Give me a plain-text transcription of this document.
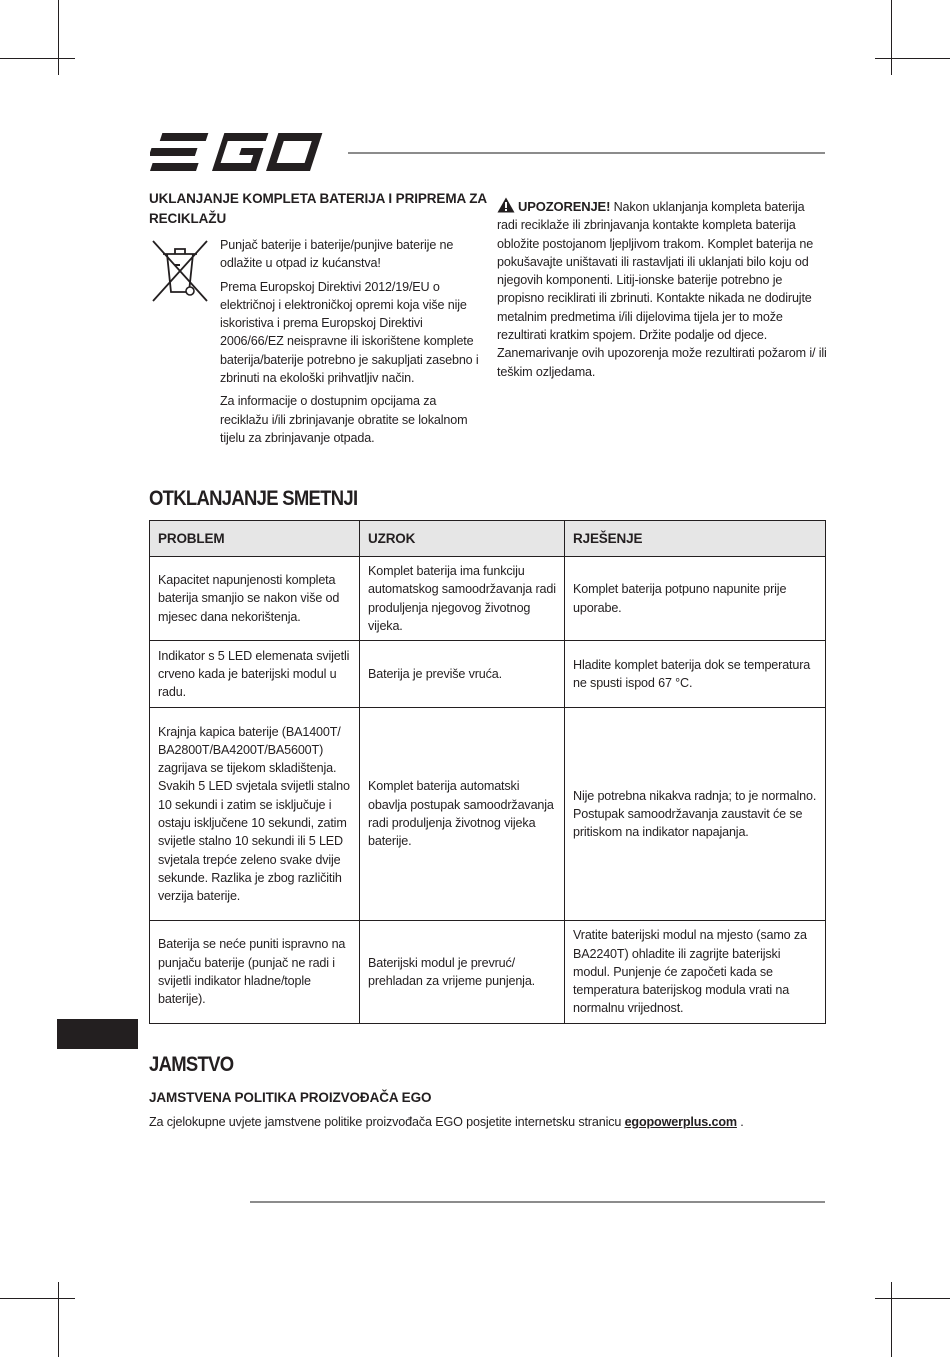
UKLANJANJE KOMPLETA BATERIJA I PRIPREMA ZA RECIKLAŽU

Punjač baterije i baterije/punjive baterije ne odlažite u otpad iz kućanstva!

Prema Europskoj Direktivi 2012/19/EU o električnoj i elektroničkoj opremi koja više nije iskoristiva i prema Europskoj Direktivi 2006/66/EZ neispravne ili iskorištene komplete baterija/baterije potrebno je sakupljati zasebno i zbrinuti na ekološki prihvatljiv način.

Za informacije o dostupnim opcijama za reciklažu i/ili zbrinjavanje obratite se lokalnom tijelu za zbrinjavanje otpada.

UPOZORENJE! Nakon uklanjanja kompleta baterija radi reciklaže ili zbrinjavanja kontakte kompleta baterija obložite postojanom ljepljivom trakom. Komplet baterija ne pokušavajte uništavati ili rastavljati ili uklanjati bilo koju od njegovih komponenti. Litij-ionske baterije potrebno je propisno reciklirati ili zbrinuti. Kontakte nikada ne dodirujte metalnim predmetima i/ili dijelovima tijela jer to može rezultirati kratkim spojem. Držite podalje od djece. Zanemarivanje ovih upozorenja može rezultirati požarom i/ ili teškim ozljedama.
OTKLANJANJE SMETNJI
PROBLEM	UZROK	RJEŠENJE
Kapacitet napunjenosti kompleta baterija smanjio se nakon više od mjesec dana nekorištenja.	Komplet baterija ima funkciju automatskog samoodržavanja radi produljenja njegovog životnog vijeka.	Komplet baterija potpuno napunite prije uporabe.
Indikator s 5 LED elemenata svijetli crveno kada je baterijski modul u radu.	Baterija je previše vruća.	Hladite komplet baterija dok se temperatura ne spusti ispod 67 °C.
Krajnja kapica baterije (BA1400T/ BA2800T/BA4200T/BA5600T) zagrijava se tijekom skladištenja. Svakih 5 LED svjetala svijetli stalno 10 sekundi i zatim se isključuje i ostaju isključene 10 sekundi, zatim svijetle stalno 10 sekundi ili 5 LED svjetala trepće zeleno svake dvije sekunde. Razlika je zbog različitih verzija baterije.	Komplet baterija automatski obavlja postupak samoodržavanja radi produljenja životnog vijeka baterije.	Nije potrebna nikakva radnja; to je normalno. Postupak samoodržavanja zaustavit će se pritiskom na indikator napajanja.
Baterija se neće puniti ispravno na punjaču baterije (punjač ne radi i svijetli indikator hladne/tople baterije).	Baterijski modul je prevruć/ prehladan za vrijeme punjenja.	Vratite baterijski modul na mjesto (samo za BA2240T) ohladite ili zagrijte baterijski modul. Punjenje će započeti kada se temperatura baterijskog modula vrati na normalnu vrijednost.
JAMSTVO
JAMSTVENA POLITIKA PROIZVOĐAČA EGO
Za cjelokupne uvjete jamstvene politike proizvođača EGO posjetite internetsku stranicu egopowerplus.com .
